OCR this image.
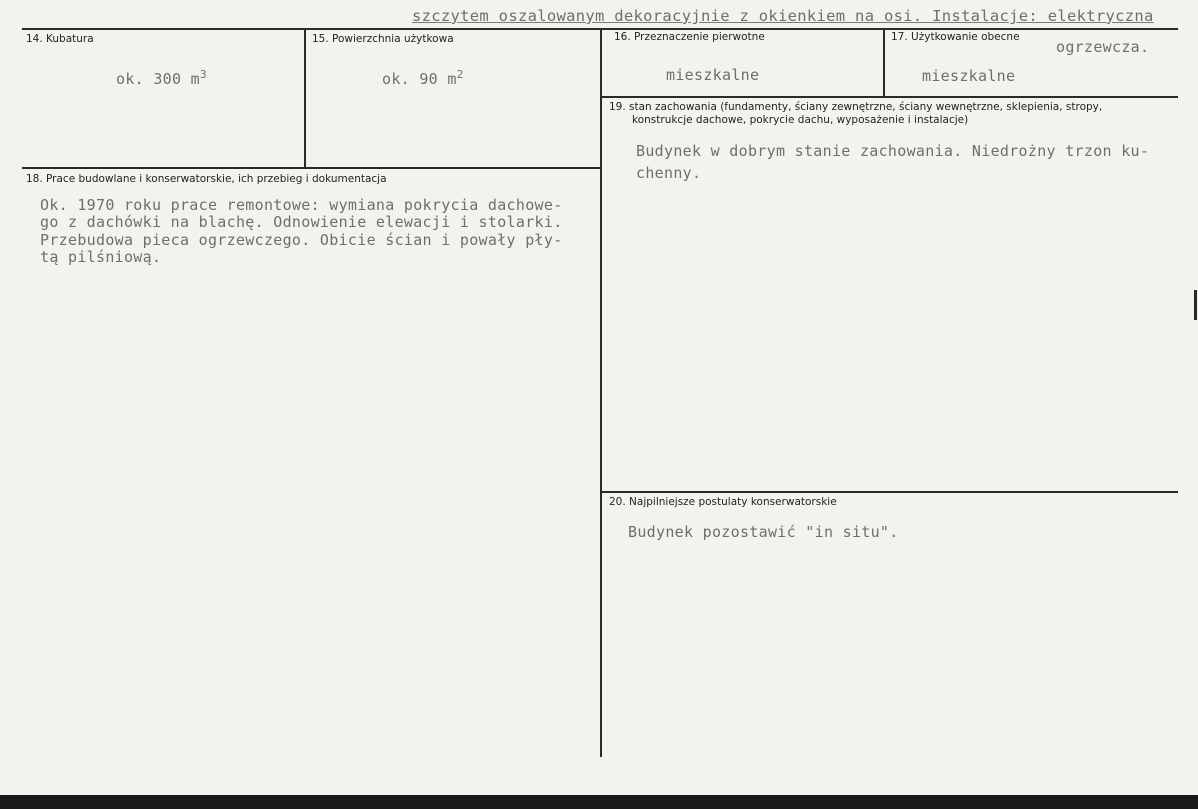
szczytem oszalowanym dekoracyjnie z okienkiem na osi. Instalacje: elektryczna
14. Kubatura
ok. 300 $m^3$
15. Powierzchnia użytkowa
ok. 90 $m^2$
16. Przeznaczenie pierwotne
mieszkalne
17. Użytkowanie obecne
ogrzewcza.
mieszkalne
19. stan zachowania (fundamenty, ściany zewnętrzne, ściany wewnętrzne, sklepienia, stropy,
konstrukcje dachowe, pokrycie dachu, wyposażenie i instalacje)
Budynek w dobrym stanie zachowania. Niedrożny trzon ku-
chenny.
18. Prace budowlane i konserwatorskie, ich przebieg i dokumentacja
Ok. 1970 roku prace remontowe: wymiana pokrycia dachowe-
go z dachówki na blachę. Odnowienie elewacji i stolarki.
Przebudowa pieca ogrzewczego. Obicie ścian i powały pły-
tą pilśniową.
20. Najpilniejsze postulaty konserwatorskie
Budynek pozostawić "in situ".
